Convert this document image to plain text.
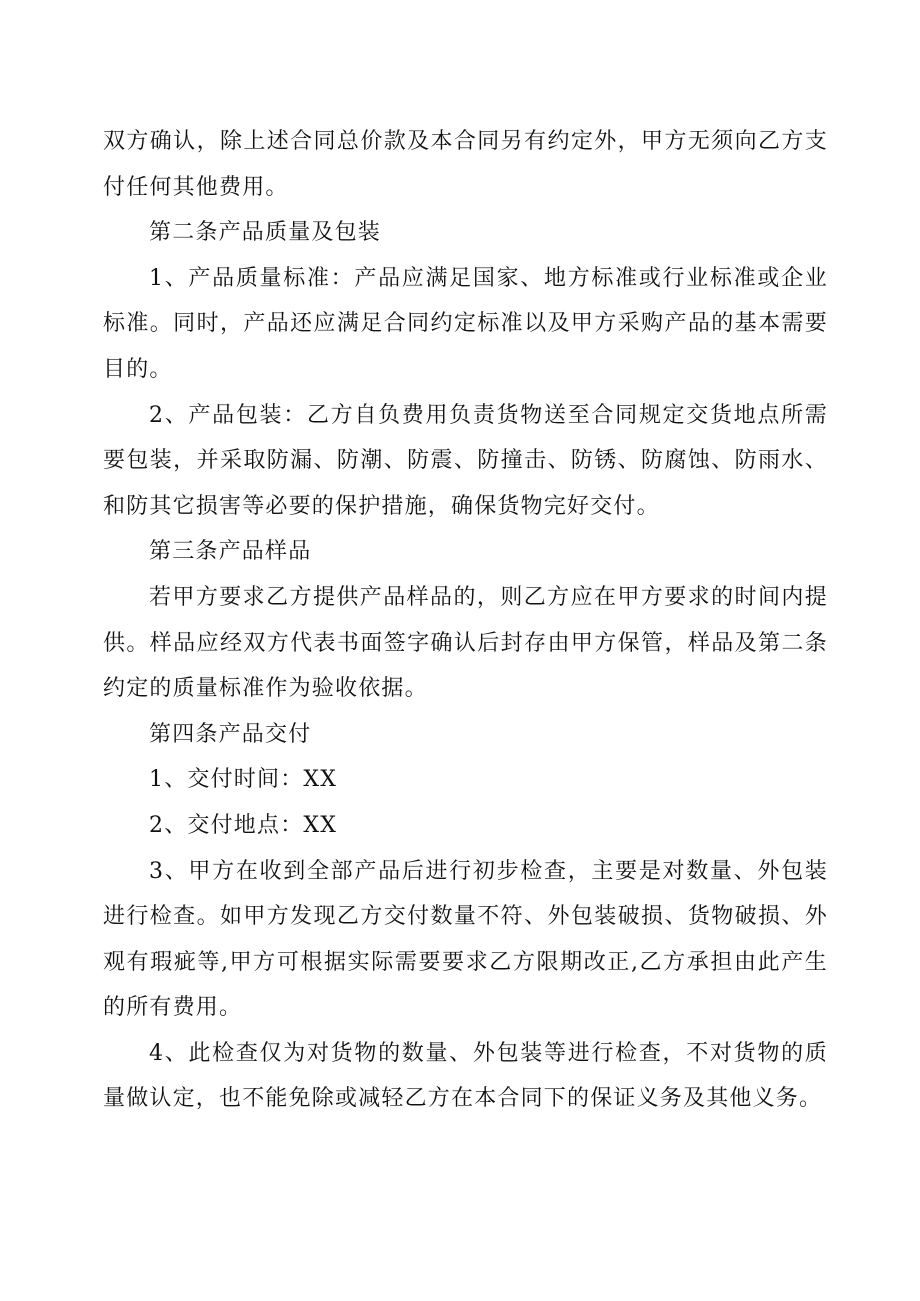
双方确认，除上述合同总价款及本合同另有约定外，甲方无须向乙方支付任何其他费用。

第二条产品质量及包装

1、产品质量标准：产品应满足国家、地方标准或行业标准或企业标准。同时，产品还应满足合同约定标准以及甲方采购产品的基本需要目的。

2、产品包装：乙方自负费用负责货物送至合同规定交货地点所需要包装，并采取防漏、防潮、防震、防撞击、防锈、防腐蚀、防雨水、和防其它损害等必要的保护措施，确保货物完好交付。

第三条产品样品

若甲方要求乙方提供产品样品的，则乙方应在甲方要求的时间内提供。样品应经双方代表书面签字确认后封存由甲方保管，样品及第二条约定的质量标准作为验收依据。

第四条产品交付

1、交付时间：XX

2、交付地点：XX

3、甲方在收到全部产品后进行初步检查，主要是对数量、外包装进行检查。如甲方发现乙方交付数量不符、外包装破损、货物破损、外观有瑕疵等,甲方可根据实际需要要求乙方限期改正,乙方承担由此产生的所有费用。

4、此检查仅为对货物的数量、外包装等进行检查，不对货物的质量做认定，也不能免除或减轻乙方在本合同下的保证义务及其他义务。
